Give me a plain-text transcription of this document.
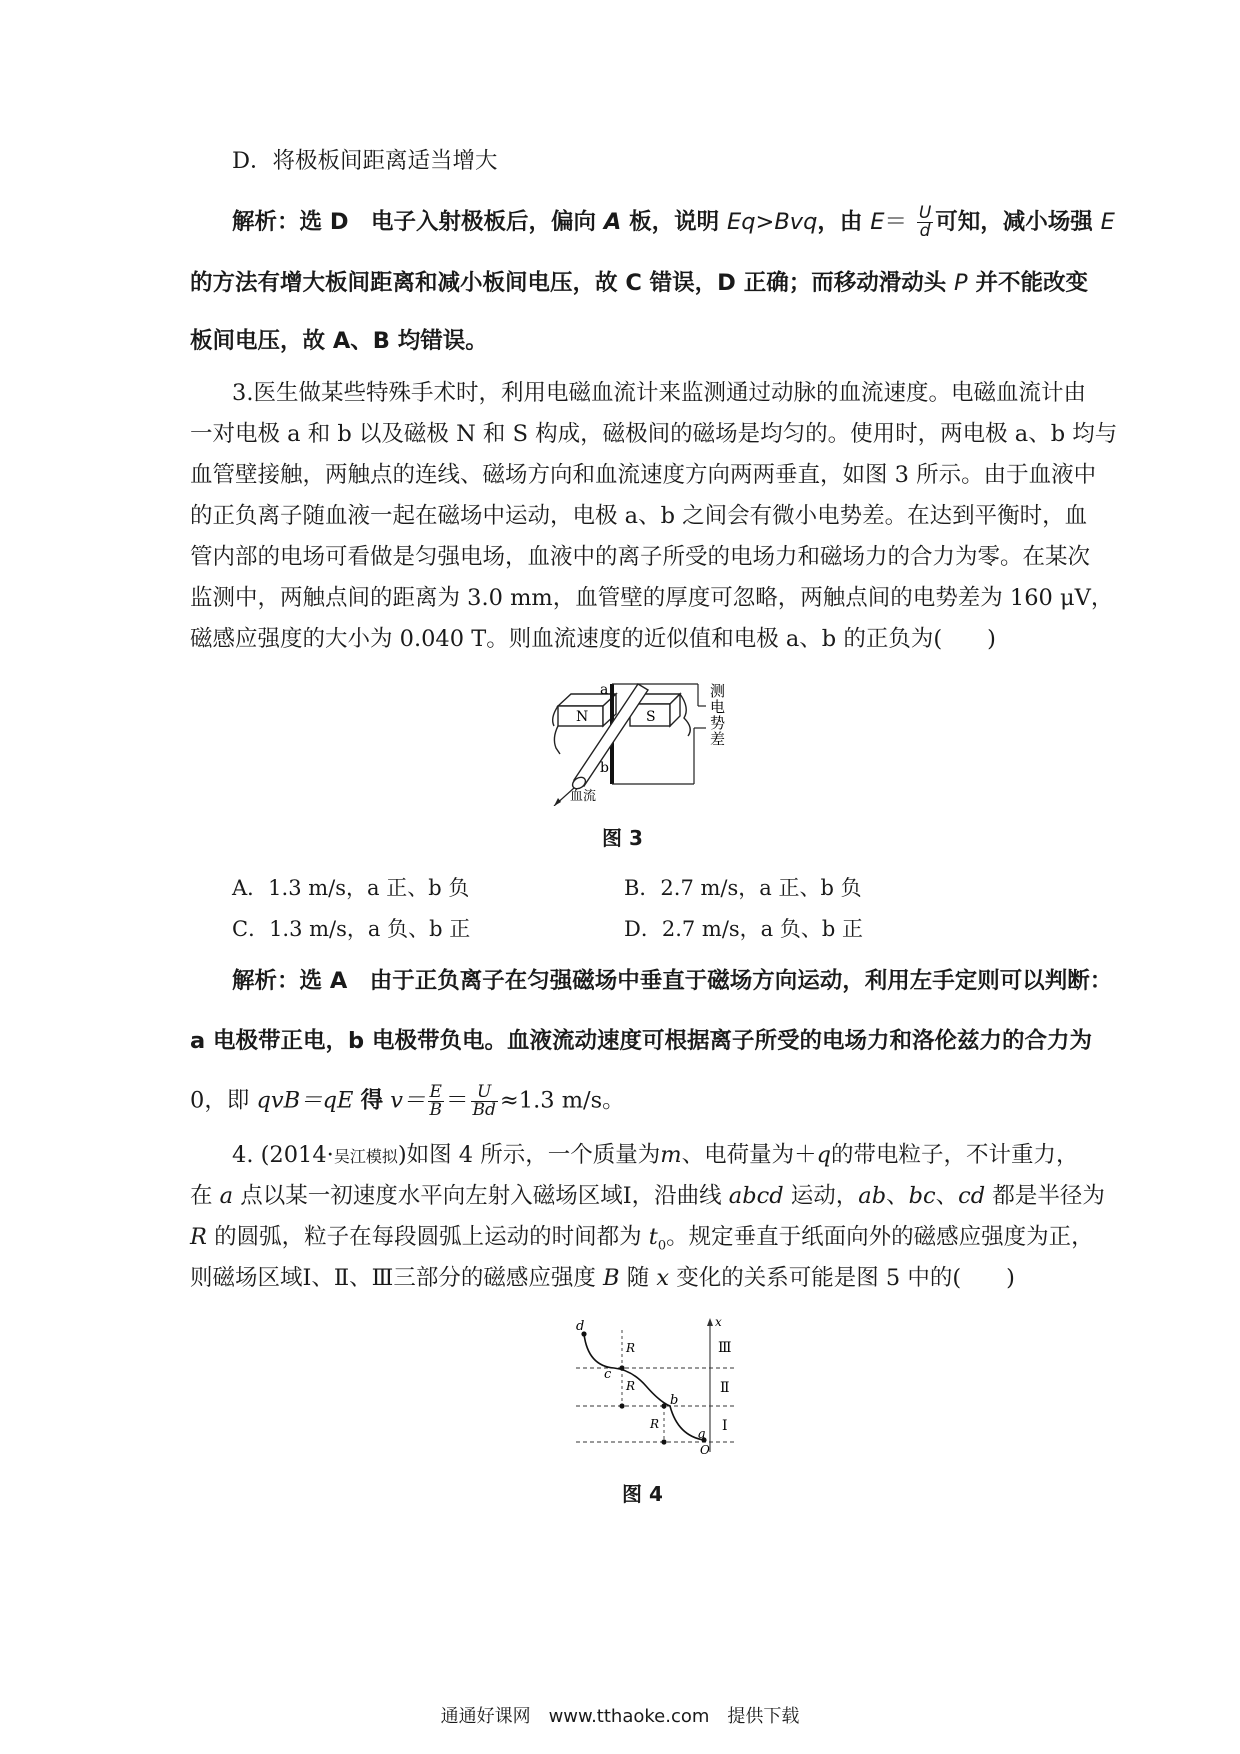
D．将极板间距离适当增大
解析：选 D　电子入射极板后，偏向 A 板，说明 Eq>Bvq，由 $E= \frac{U}{d}$ 可知，减小场强 E
的方法有增大板间距离和减小板间电压，故 C 错误，D 正确；而移动滑动头 P 并不能改变
板间电压，故 A、B 均错误。
3.医生做某些特殊手术时，利用电磁血流计来监测通过动脉的血流速度。电磁血流计由
一对电极 a 和 b 以及磁极 N 和 S 构成，磁极间的磁场是均匀的。使用时，两电极 a、b 均与
血管壁接触，两触点的连线、磁场方向和血流速度方向两两垂直，如图 3 所示。由于血液中
的正负离子随血液一起在磁场中运动，电极 a、b 之间会有微小电势差。在达到平衡时，血
管内部的电场可看做是匀强电场，血液中的离子所受的电场力和磁场力的合力为零。在某次
监测中，两触点间的距离为 3.0 mm，血管壁的厚度可忽略，两触点间的电势差为 160 μV，
磁感应强度的大小为 0.040 T。则血流速度的近似值和电极 a、b 的正负为(　　)
a
b
N	S
测
电
势
差
血流
图 3
A．1.3 m/s，a 正、b 负	B．2.7 m/s，a 正、b 负
C．1.3 m/s，a 负、b 正	D．2.7 m/s，a 负、b 正
解析：选 A　由于正负离子在匀强磁场中垂直于磁场方向运动，利用左手定则可以判断：
a 电极带正电，b 电极带负电。血液流动速度可根据离子所受的电场力和洛伦兹力的合力为
0，即 qvB＝qE 得 $v= \frac{E}{B} = \frac{U}{Bd} \approx 1.3$ m/s。
4. (2014·吴江模拟)如图 4 所示，一个质量为m、电荷量为＋q的带电粒子，不计重力，
在 a 点以某一初速度水平向左射入磁场区域Ⅰ，沿曲线 abcd 运动，ab、bc、cd 都是半径为
R 的圆弧，粒子在每段圆弧上运动的时间都为 $t_0$。规定垂直于纸面向外的磁感应强度为正，
则磁场区域Ⅰ、Ⅱ、Ⅲ三部分的磁感应强度 B 随 x 变化的关系可能是图 5 中的(　　)
d
c
b
a
R
R
R
x
O
Ⅲ
Ⅱ
Ⅰ
图 4
通通好课网　www.tthaoke.com　提供下载
